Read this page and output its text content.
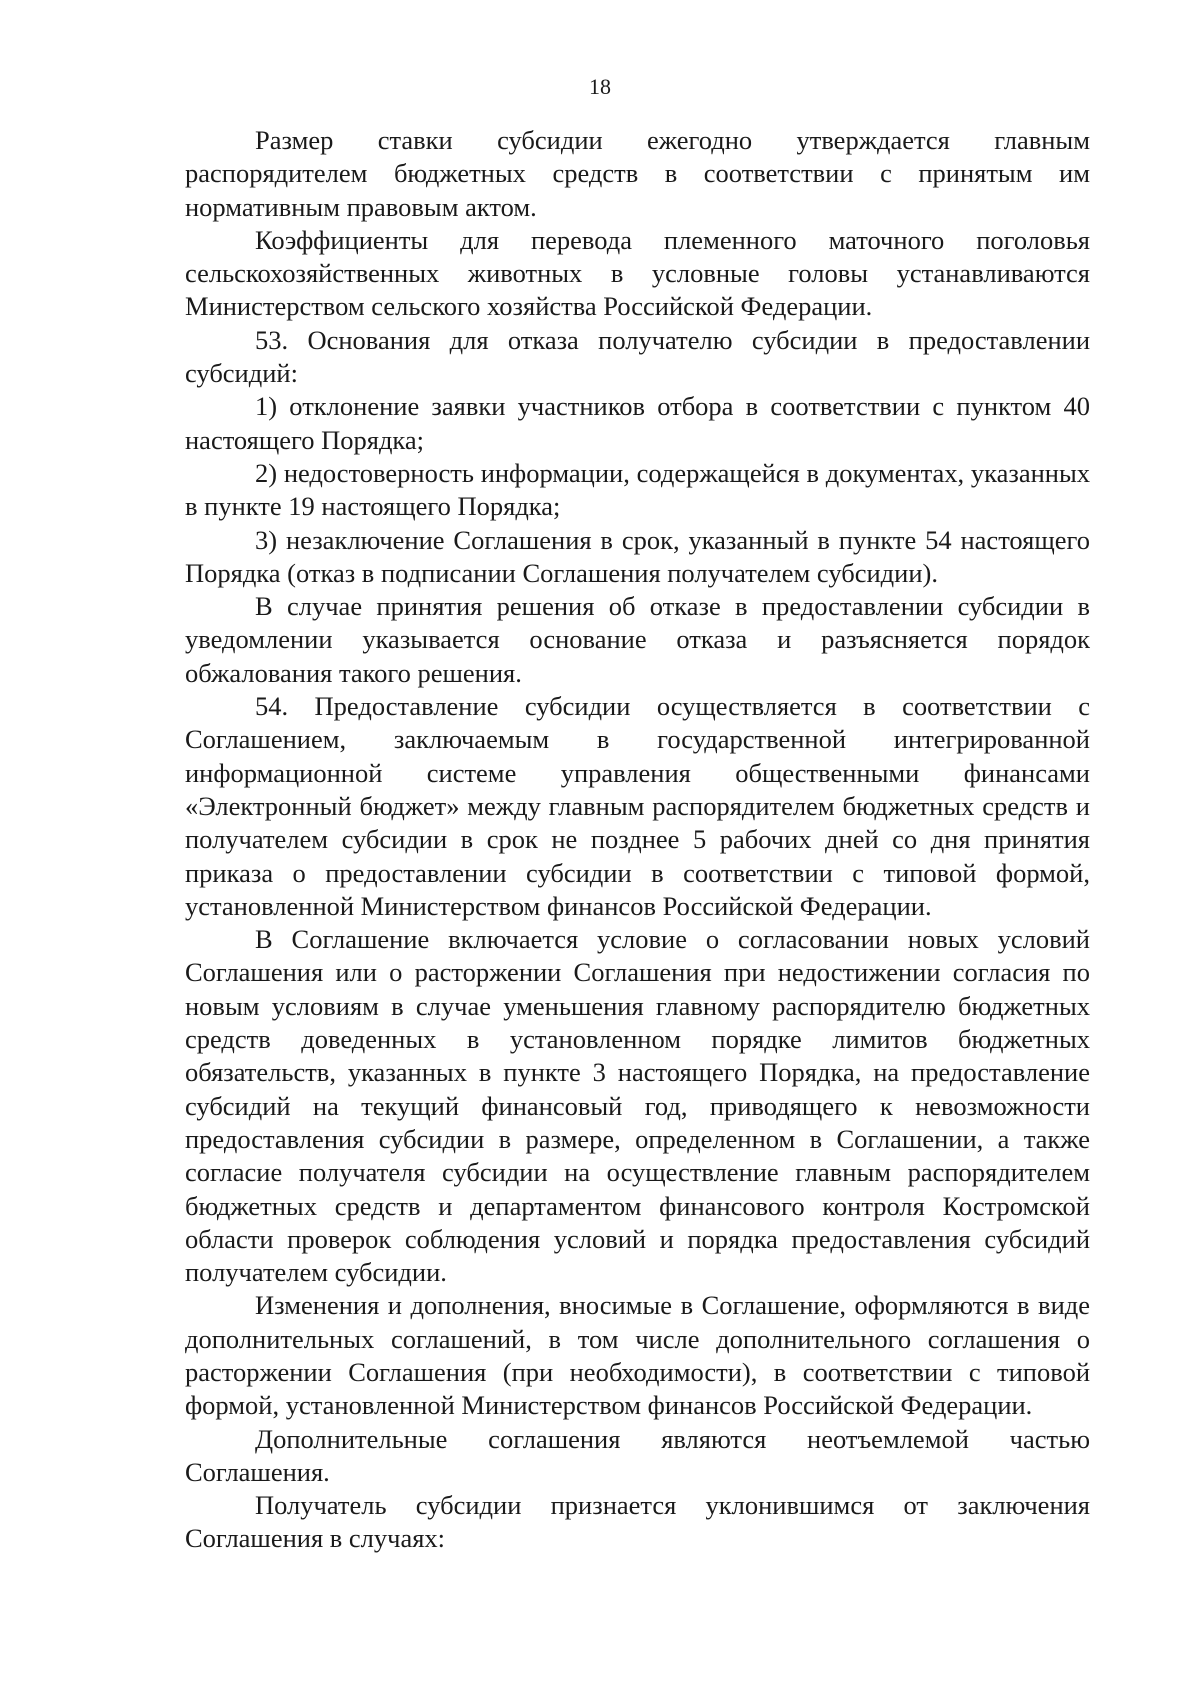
18

Размер ставки субсидии ежегодно утверждается главным распорядителем бюджетных средств в соответствии с принятым им нормативным правовым актом.

Коэффициенты для перевода племенного маточного поголовья сельскохозяйственных животных в условные головы устанавливаются Министерством сельского хозяйства Российской Федерации.

53. Основания для отказа получателю субсидии в предоставлении субсидий:

1) отклонение заявки участников отбора в соответствии с пунктом 40 настоящего Порядка;

2) недостоверность информации, содержащейся в документах, указанных в пункте 19 настоящего Порядка;

3) незаключение Соглашения в срок, указанный в пункте 54 настоящего Порядка (отказ в подписании Соглашения получателем субсидии).

В случае принятия решения об отказе в предоставлении субсидии в уведомлении указывается основание отказа и разъясняется порядок обжалования такого решения.

54. Предоставление субсидии осуществляется в соответствии с Соглашением, заключаемым в государственной интегрированной информационной системе управления общественными финансами «Электронный бюджет» между главным распорядителем бюджетных средств и получателем субсидии в срок не позднее 5 рабочих дней со дня принятия приказа о предоставлении субсидии в соответствии с типовой формой, установленной Министерством финансов Российской Федерации.

В Соглашение включается условие о согласовании новых условий Соглашения или о расторжении Соглашения при недостижении согласия по новым условиям в случае уменьшения главному распорядителю бюджетных средств доведенных в установленном порядке лимитов бюджетных обязательств, указанных в пункте 3 настоящего Порядка, на предоставление субсидий на текущий финансовый год, приводящего к невозможности предоставления субсидии в размере, определенном в Соглашении, а также согласие получателя субсидии на осуществление главным распорядителем бюджетных средств и департаментом финансового контроля Костромской области проверок соблюдения условий и порядка предоставления субсидий получателем субсидии.

Изменения и дополнения, вносимые в Соглашение, оформляются в виде дополнительных соглашений, в том числе дополнительного соглашения о расторжении Соглашения (при необходимости), в соответствии с типовой формой, установленной Министерством финансов Российской Федерации.

Дополнительные соглашения являются неотъемлемой частью Соглашения.

Получатель субсидии признается уклонившимся от заключения Соглашения в случаях:
